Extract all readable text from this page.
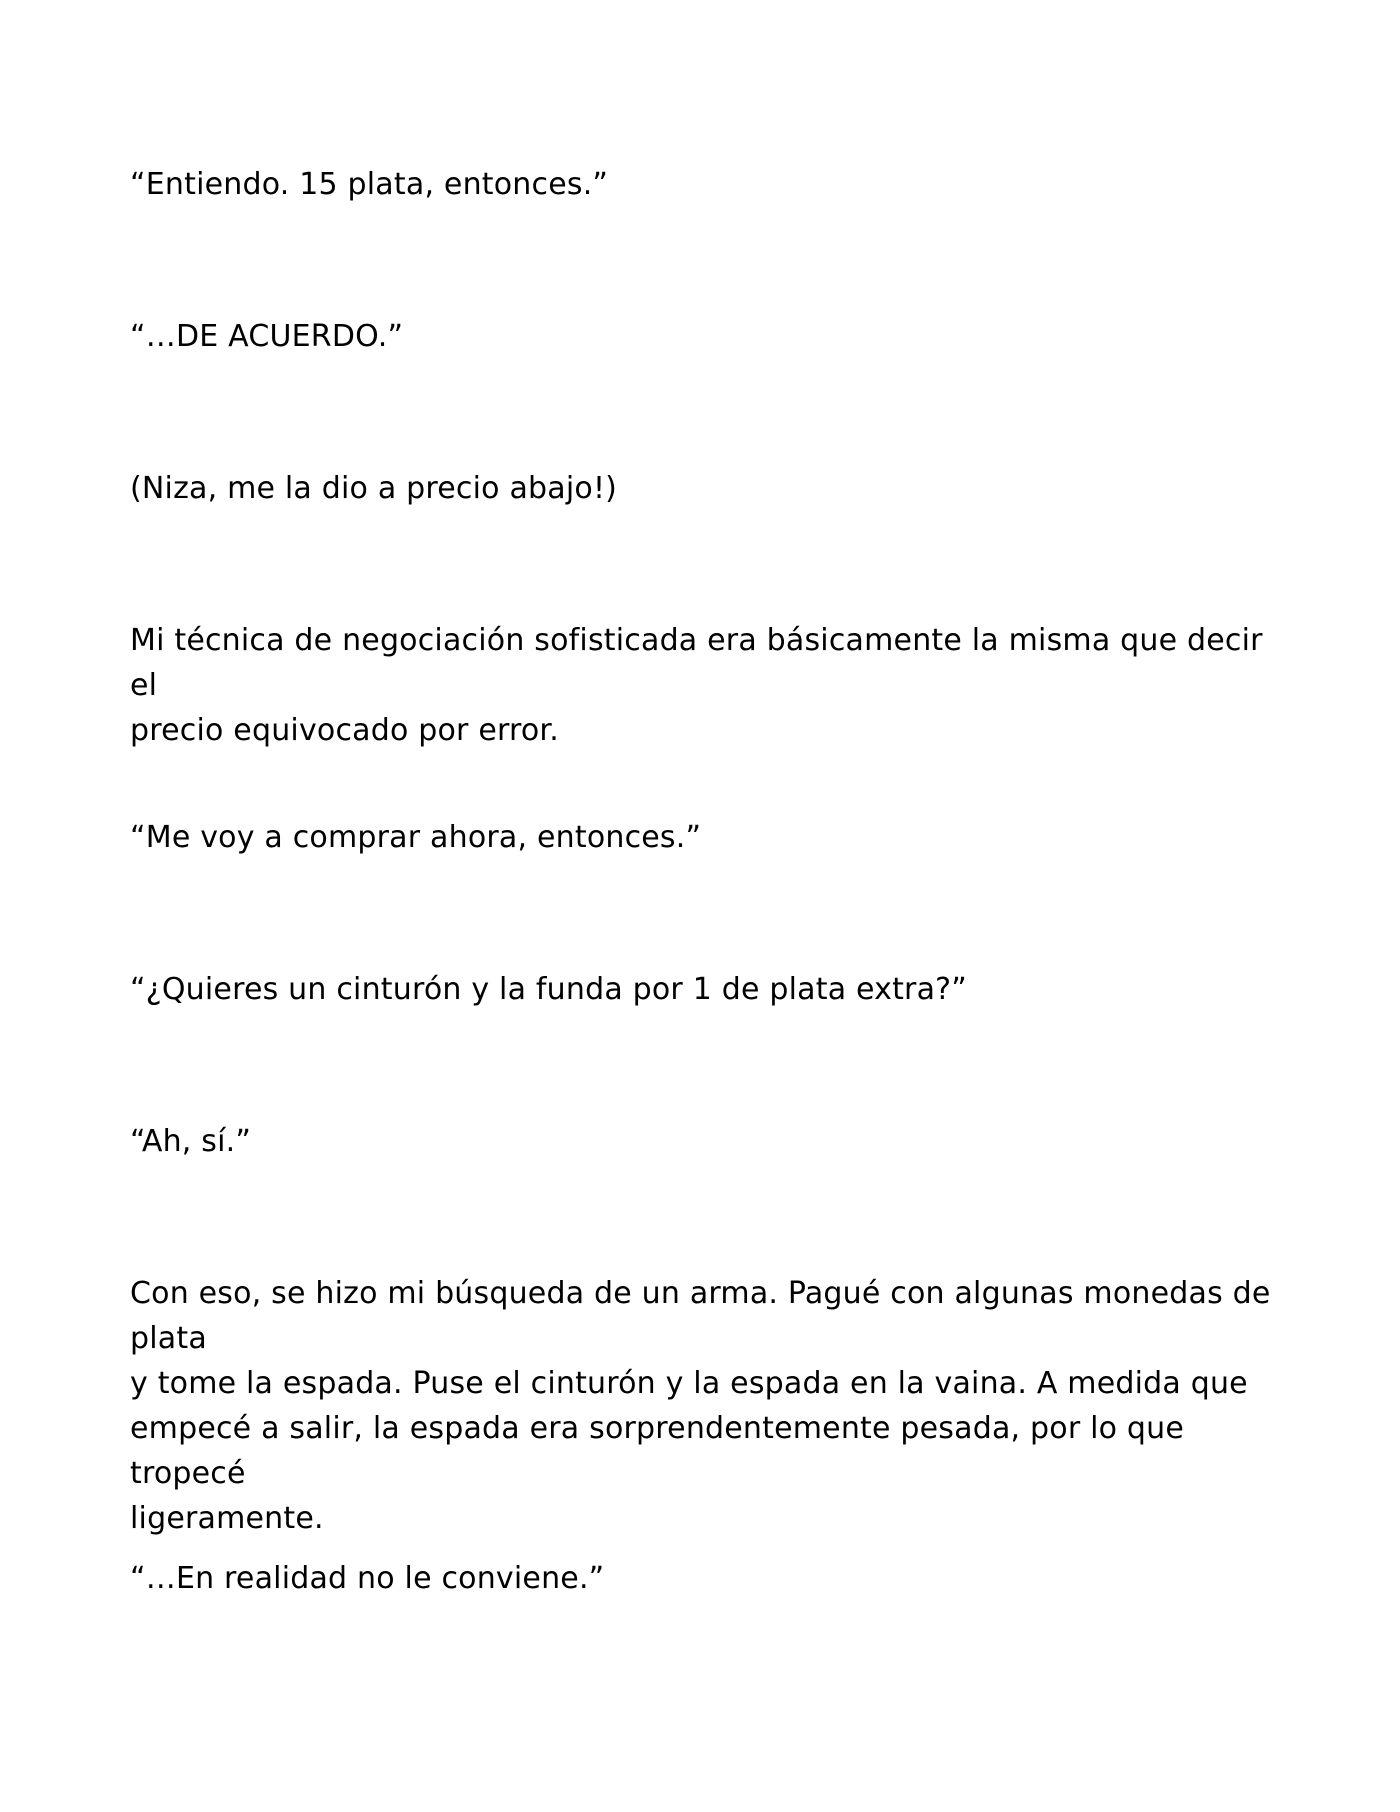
“Entiendo. 15 plata, entonces.”

“…DE ACUERDO.”

(Niza, me la dio a precio abajo!)

Mi técnica de negociación sofisticada era básicamente la misma que decir el
precio equivocado por error.

“Me voy a comprar ahora, entonces.”

“¿Quieres un cinturón y la funda por 1 de plata extra?”

“Ah, sí.”

Con eso, se hizo mi búsqueda de un arma. Pagué con algunas monedas de plata
y tome la espada. Puse el cinturón y la espada en la vaina. A medida que
empecé a salir, la espada era sorprendentemente pesada, por lo que tropecé
ligeramente.

“…En realidad no le conviene.”
